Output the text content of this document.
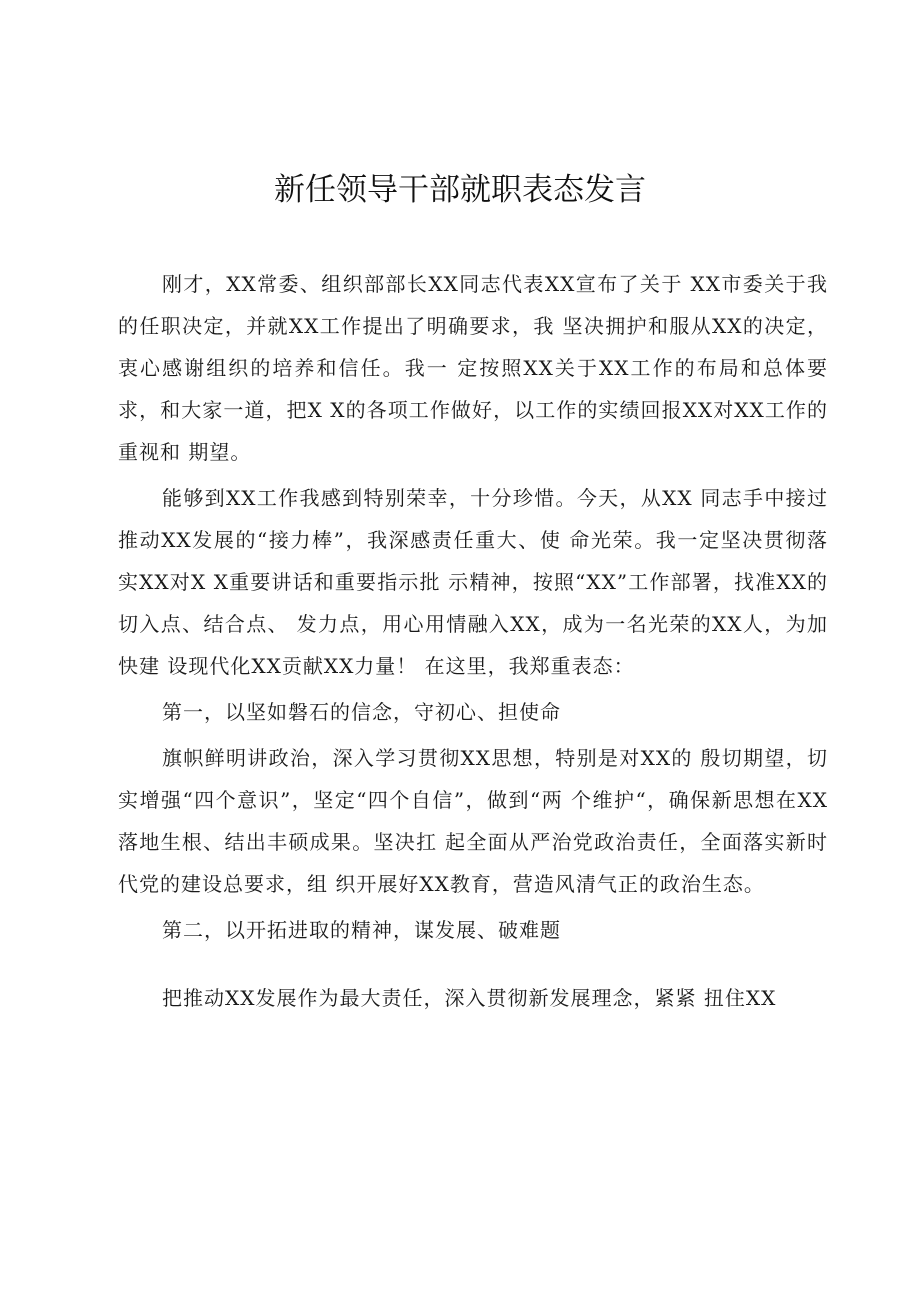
新任领导干部就职表态发言

刚才，XX常委、组织部部长XX同志代表XX宣布了关于 XX市委关于我的任职决定，并就XX工作提出了明确要求，我 坚决拥护和服从XX的决定，衷心感谢组织的培养和信任。我一 定按照XX关于XX工作的布局和总体要求，和大家一道，把X X的各项工作做好，以工作的实绩回报XX对XX工作的重视和 期望。

能够到XX工作我感到特别荣幸，十分珍惜。今天，从XX 同志手中接过推动XX发展的“接力棒”，我深感责任重大、使 命光荣。我一定坚决贯彻落实XX对X X重要讲话和重要指示批 示精神，按照“XX”工作部署，找准XX的切入点、结合点、 发力点，用心用情融入XX，成为一名光荣的XX人，为加快建 设现代化XX贡献XX力量！ 在这里，我郑重表态：

第一，以坚如磐石的信念，守初心、担使命

旗帜鲜明讲政治，深入学习贯彻XX思想，特别是对XX的 殷切期望，切实增强“四个意识”，坚定“四个自信”，做到“两 个维护“，确保新思想在XX落地生根、结出丰硕成果。坚决扛 起全面从严治党政治责任，全面落实新时代党的建设总要求，组 织开展好XX教育，营造风清气正的政治生态。

第二，以开拓进取的精神，谋发展、破难题

把推动XX发展作为最大责任，深入贯彻新发展理念，紧紧 扭住XX
